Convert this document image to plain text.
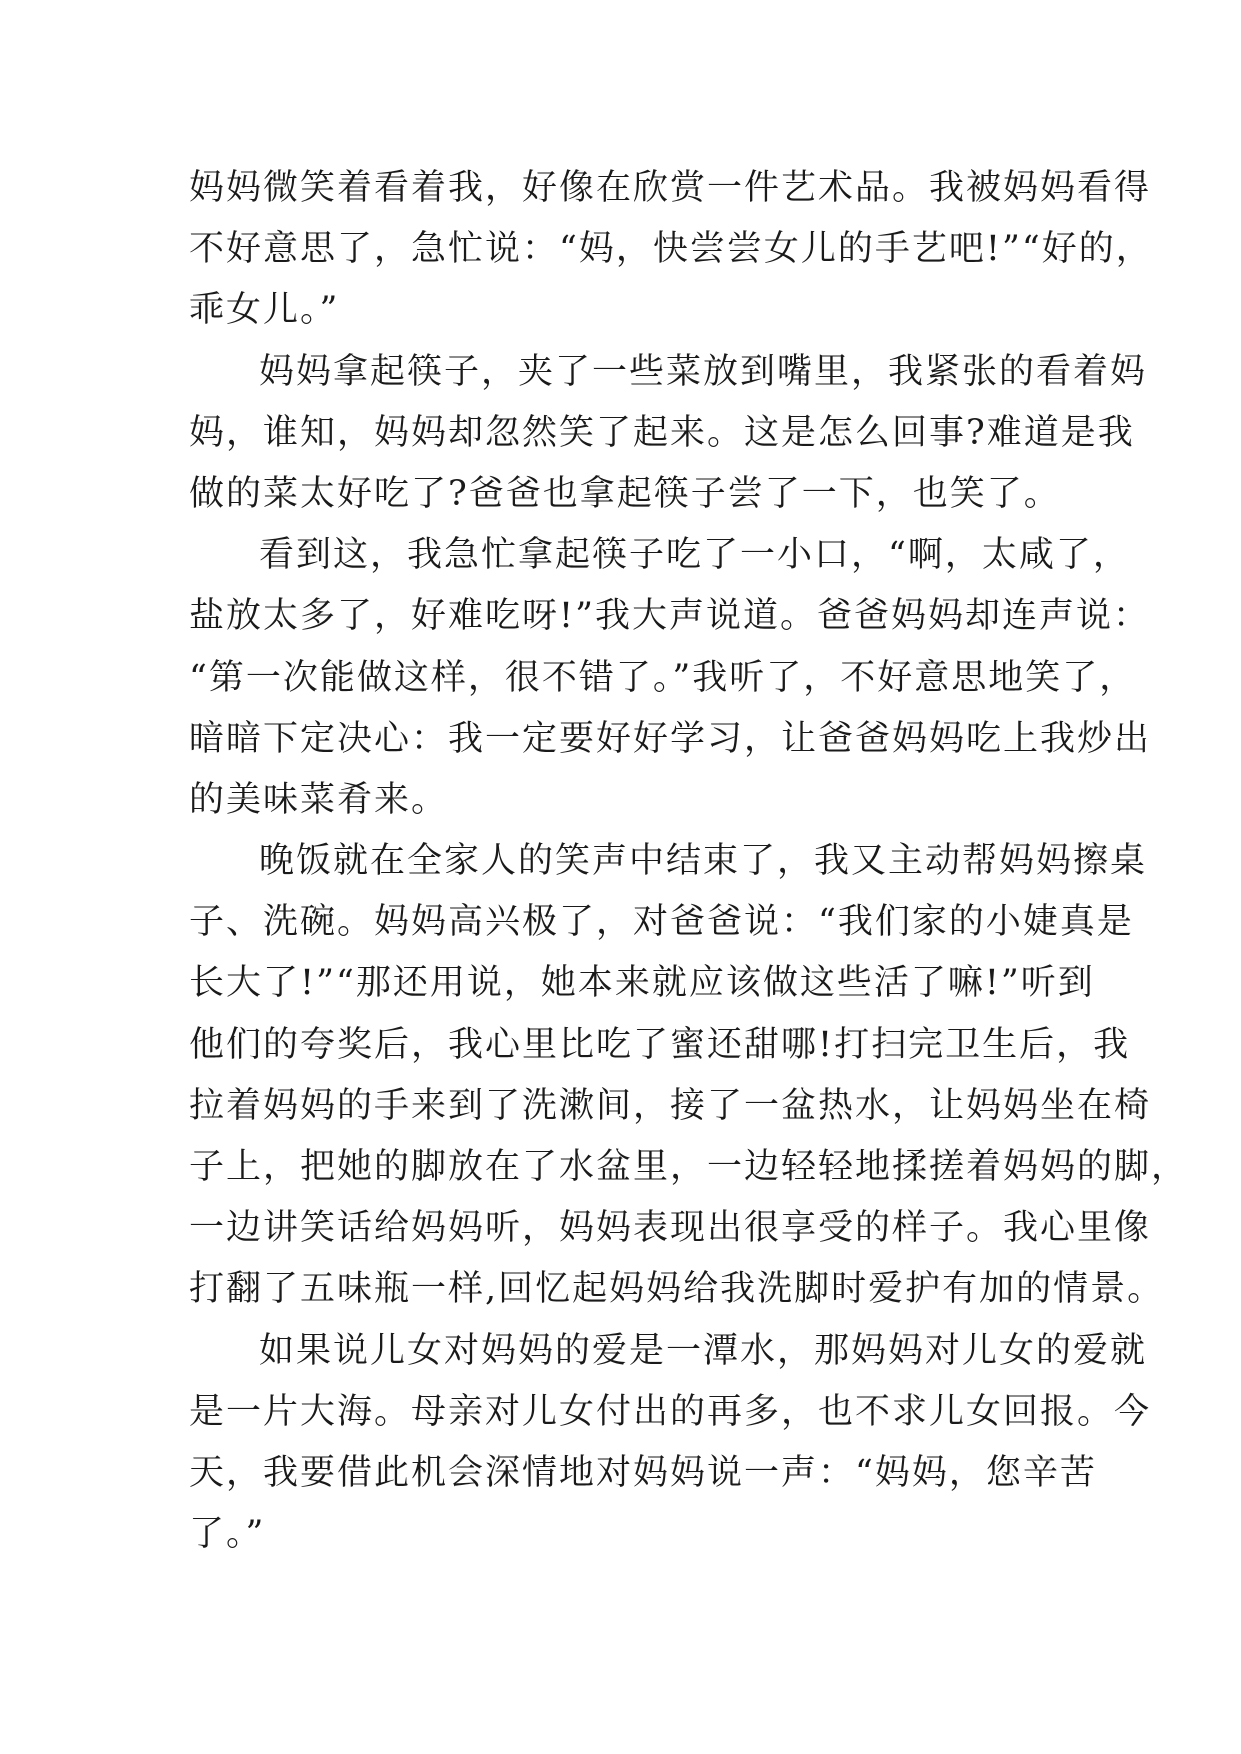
妈妈微笑着看着我，好像在欣赏一件艺术品。我被妈妈看得
不好意思了，急忙说：“妈，快尝尝女儿的手艺吧!”“好的，
乖女儿。”
妈妈拿起筷子，夹了一些菜放到嘴里，我紧张的看着妈
妈，谁知，妈妈却忽然笑了起来。这是怎么回事?难道是我
做的菜太好吃了?爸爸也拿起筷子尝了一下，也笑了。
看到这，我急忙拿起筷子吃了一小口，“啊，太咸了，
盐放太多了，好难吃呀!”我大声说道。爸爸妈妈却连声说：
“第一次能做这样，很不错了。”我听了，不好意思地笑了，
暗暗下定决心：我一定要好好学习，让爸爸妈妈吃上我炒出
的美味菜肴来。
晚饭就在全家人的笑声中结束了，我又主动帮妈妈擦桌
子、洗碗。妈妈高兴极了，对爸爸说：“我们家的小婕真是
长大了!”“那还用说，她本来就应该做这些活了嘛!”听到
他们的夸奖后，我心里比吃了蜜还甜哪!打扫完卫生后，我
拉着妈妈的手来到了洗漱间，接了一盆热水，让妈妈坐在椅
子上，把她的脚放在了水盆里，一边轻轻地揉搓着妈妈的脚，
一边讲笑话给妈妈听，妈妈表现出很享受的样子。我心里像
打翻了五味瓶一样,回忆起妈妈给我洗脚时爱护有加的情景。
如果说儿女对妈妈的爱是一潭水，那妈妈对儿女的爱就
是一片大海。母亲对儿女付出的再多，也不求儿女回报。今
天，我要借此机会深情地对妈妈说一声：“妈妈，您辛苦
了。”
